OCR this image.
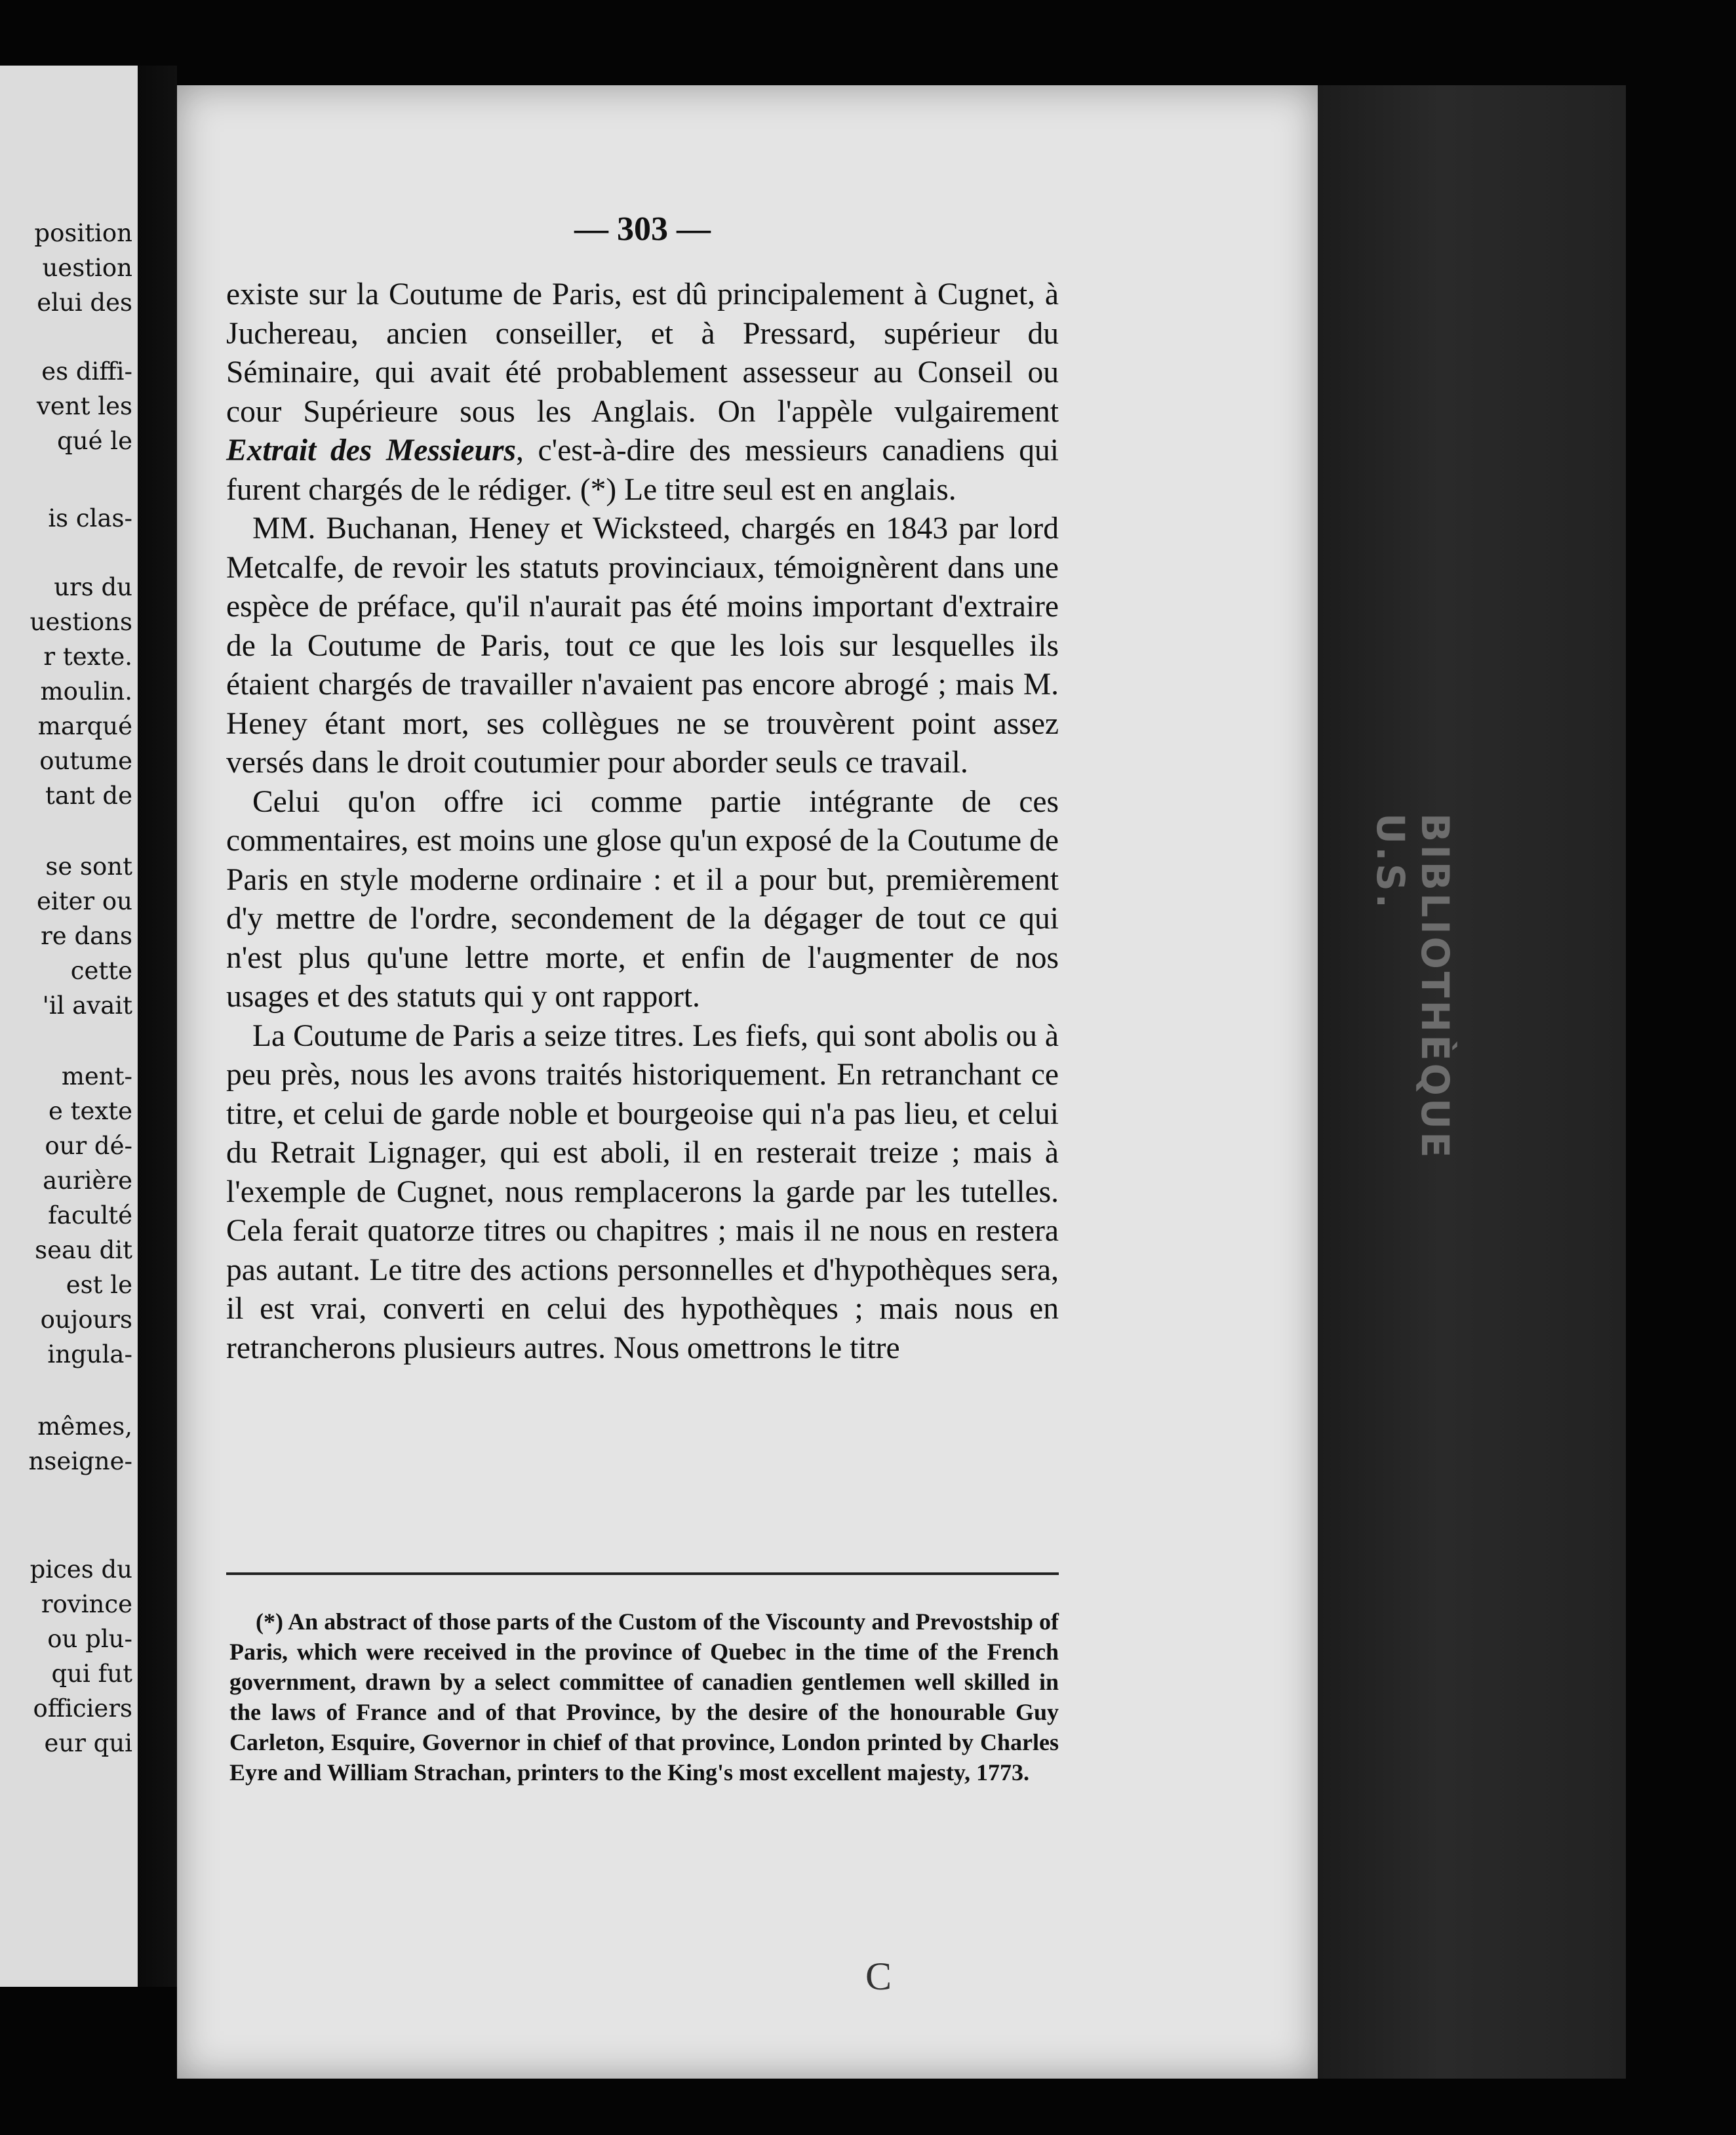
position
uestion
elui des
es diffi-
vent les
qué le
is clas-
urs du
uestions
r texte.
moulin.
marqué
outume
tant de
se sont
eiter ou
re dans
cette
'il avait
ment-
e texte
our dé-
aurière
faculté
seau dit
est le
oujours
ingula-
mêmes,
nseigne-
pices du
rovince
ou plu-
qui fut
officiers
eur qui
BIBLIOTHÈQUE U.S.
— 303 —

existe sur la Coutume de Paris, est dû principalement à Cugnet, à Juchereau, ancien conseiller, et à Pressard, supérieur du Séminaire, qui avait été probablement assesseur au Conseil ou cour Supérieure sous les Anglais. On l'appèle vulgairement Extrait des Messieurs, c'est-à-dire des messieurs canadiens qui furent chargés de le rédiger. (*) Le titre seul est en anglais.

MM. Buchanan, Heney et Wicksteed, chargés en 1843 par lord Metcalfe, de revoir les statuts provinciaux, témoignèrent dans une espèce de préface, qu'il n'aurait pas été moins important d'extraire de la Coutume de Paris, tout ce que les lois sur lesquelles ils étaient chargés de travailler n'avaient pas encore abrogé ; mais M. Heney étant mort, ses collègues ne se trouvèrent point assez versés dans le droit coutumier pour aborder seuls ce travail.

Celui qu'on offre ici comme partie intégrante de ces commentaires, est moins une glose qu'un exposé de la Coutume de Paris en style moderne ordinaire : et il a pour but, premièrement d'y mettre de l'ordre, secondement de la dégager de tout ce qui n'est plus qu'une lettre morte, et enfin de l'augmenter de nos usages et des statuts qui y ont rapport.

La Coutume de Paris a seize titres. Les fiefs, qui sont abolis ou à peu près, nous les avons traités historiquement. En retranchant ce titre, et celui de garde noble et bourgeoise qui n'a pas lieu, et celui du Retrait Lignager, qui est aboli, il en resterait treize ; mais à l'exemple de Cugnet, nous remplacerons la garde par les tutelles. Cela ferait quatorze titres ou chapitres ; mais il ne nous en restera pas autant. Le titre des actions personnelles et d'hypothèques sera, il est vrai, converti en celui des hypothèques ; mais nous en retrancherons plusieurs autres. Nous omettrons le titre

(*) An abstract of those parts of the Custom of the Viscounty and Prevostship of Paris, which were received in the province of Quebec in the time of the French government, drawn by a select committee of canadien gentlemen well skilled in the laws of France and of that Province, by the desire of the honourable Guy Carleton, Esquire, Governor in chief of that province, London printed by Charles Eyre and William Strachan, printers to the King's most excellent majesty, 1773.
C
